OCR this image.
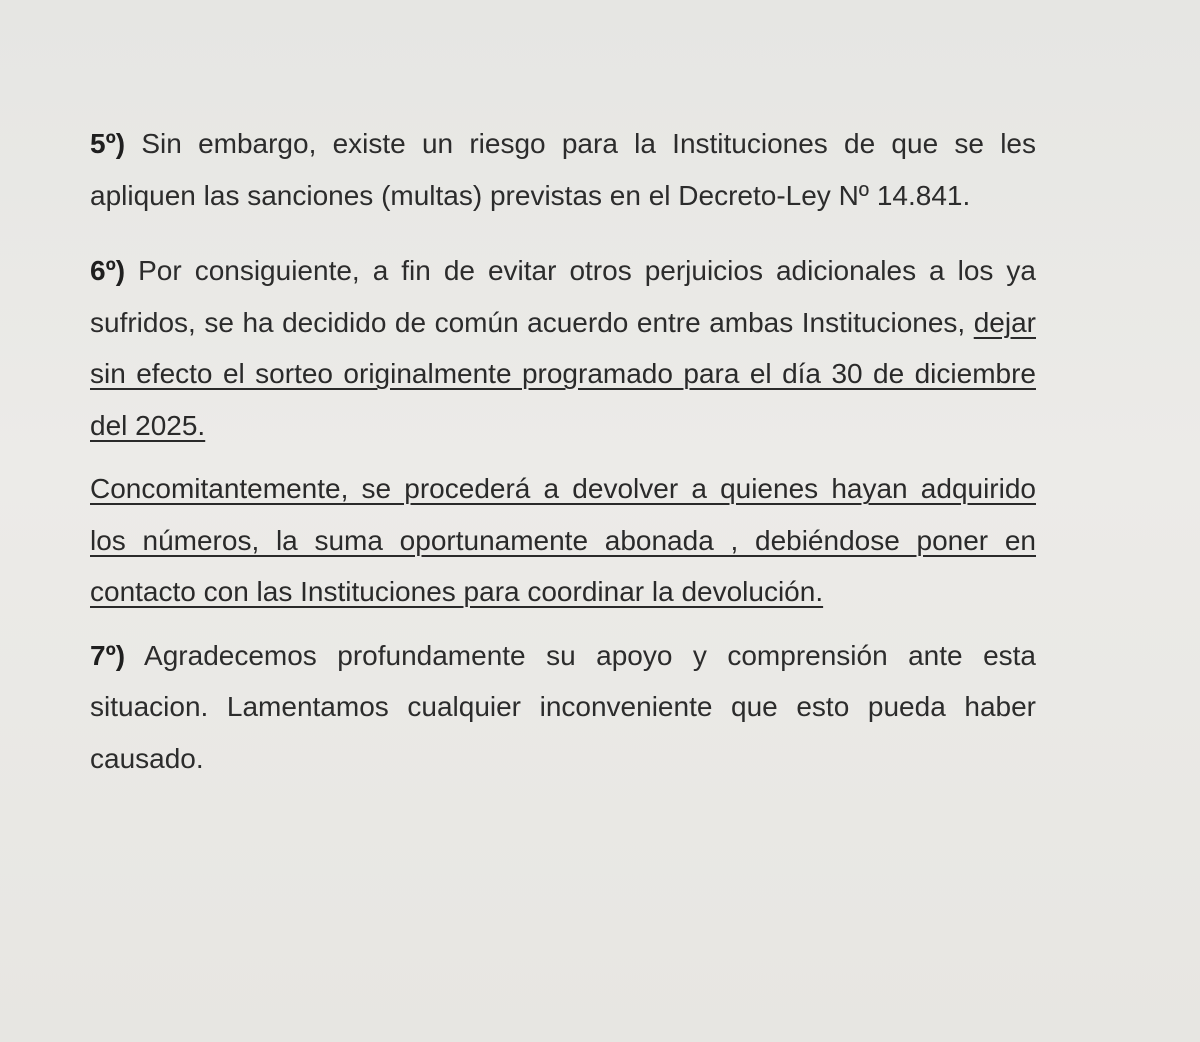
5º) Sin embargo, existe un riesgo para la Instituciones de que se les apliquen las sanciones (multas) previstas en el Decreto-Ley Nº 14.841.

6º) Por consiguiente, a fin de evitar otros perjuicios adicionales a los ya sufridos, se ha decidido de común acuerdo entre ambas Instituciones, dejar sin efecto el sorteo originalmente programado para el día 30 de diciembre del 2025.

Concomitantemente, se procederá a devolver a quienes hayan adquirido los números, la suma oportunamente abonada , debiéndose poner en contacto con las Instituciones para coordinar la devolución.

7º) Agradecemos profundamente su apoyo y comprensión ante esta situacion. Lamentamos cualquier inconveniente que esto pueda haber causado.
